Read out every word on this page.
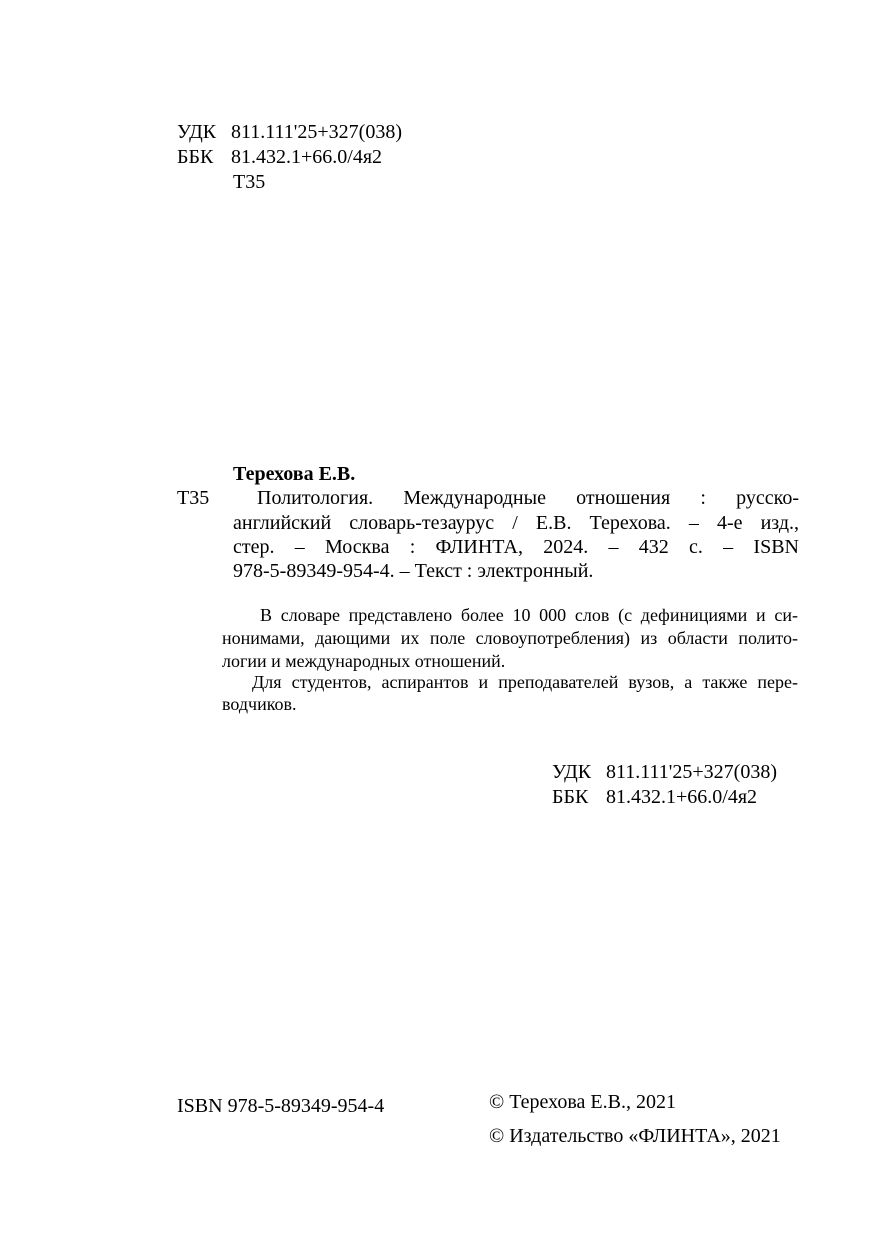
УДК 811.111'25+327(038)
ББК 81.432.1+66.0/4я2
Т35
Терехова Е.В.
Т35 Политология. Международные отношения : русско-
английский словарь-тезаурус / Е.В. Терехова. – 4-е изд.,
стер. – Москва : ФЛИНТА, 2024. – 432 с. – ISBN
978-5-89349-954-4. – Текст : электронный.
В словаре представлено более 10 000 слов (с дефинициями и си-
нонимами, дающими их поле словоупотребления) из области полито-
логии и международных отношений.
Для студентов, аспирантов и преподавателей вузов, а также пере-
водчиков.
УДК 811.111'25+327(038)
ББК 81.432.1+66.0/4я2
ISBN 978-5-89349-954-4	© Терехова Е.В., 2021
© Издательство «ФЛИНТА», 2021
